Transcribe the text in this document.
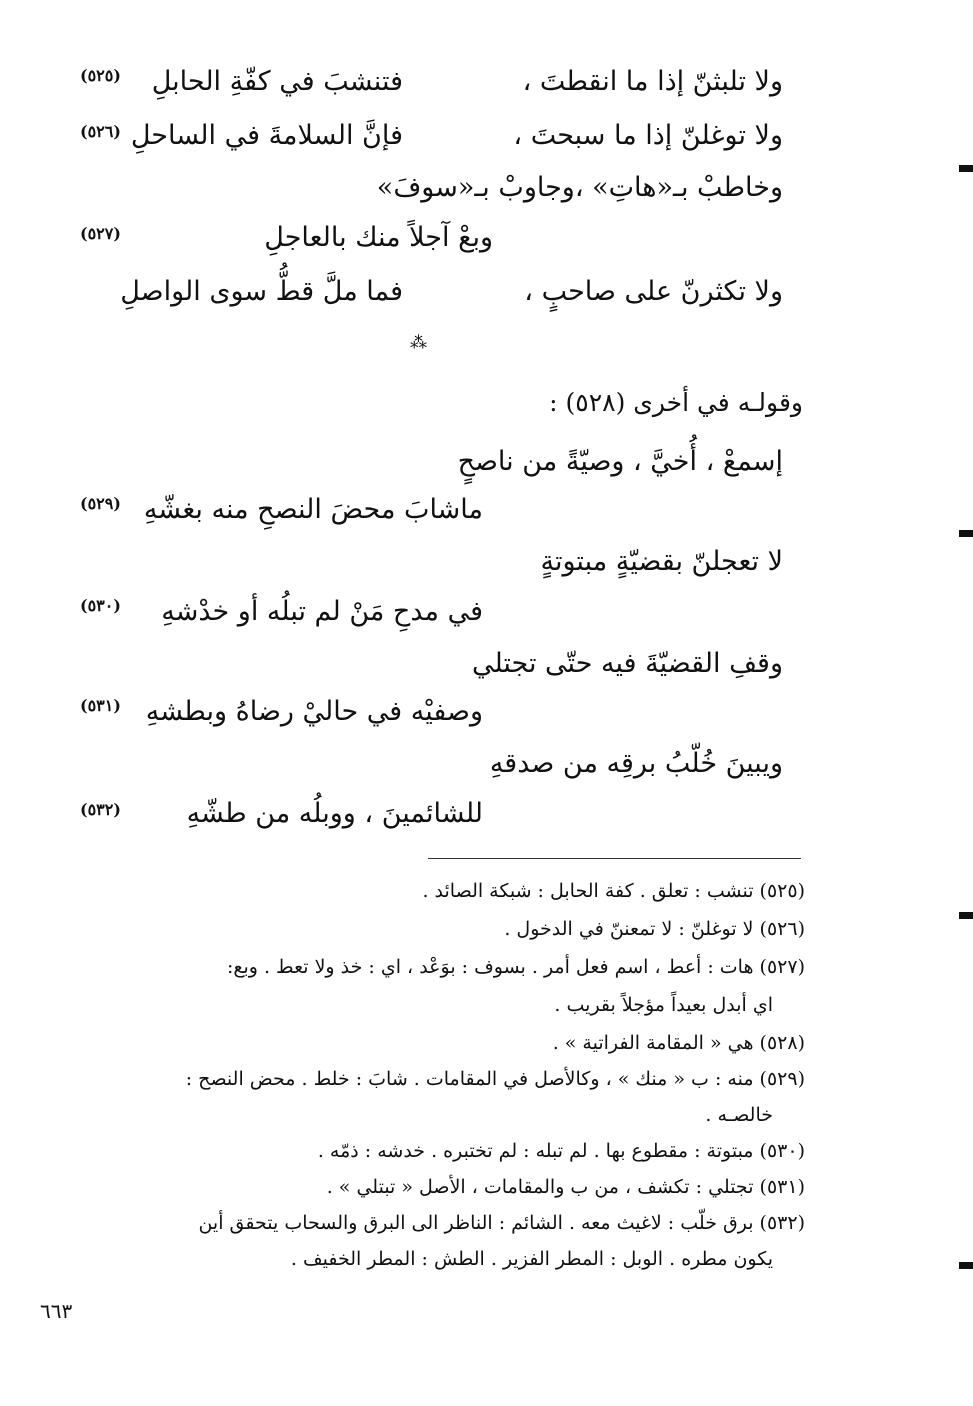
ولا تلبثنّ إذا ما انقطتَ ،
فتنشبَ في كفّةِ الحابلِ
(٥٢٥)
ولا توغلنّ إذا ما سبحتَ ،
فإنَّ السلامةَ في الساحلِ
(٥٢٦)
وخاطبْ بـ«هاتِ» ،وجاوبْ بـ«سوفَ»
وبعْ آجلاً منك بالعاجلِ
(٥٢٧)
ولا تكثرنّ على صاحبٍ ،
فما ملَّ قطُّ سوى الواصلِ
⁂
وقولـه في أخرى (٥٢٨) :
إسمعْ ، أُخيَّ ، وصيّةً من ناصحٍ
ماشابَ محضَ النصحِ منه بغشّهِ
(٥٢٩)
لا تعجلنّ بقضيّةٍ مبتوتةٍ
في مدحِ مَنْ لم تبلُه أو خدْشهِ
(٥٣٠)
وقفِ القضيّةَ فيه حتّى تجتلي
وصفيْه في حاليْ رضاهُ وبطشهِ
(٥٣١)
ويبينَ خُلّبُ برقِه من صدقهِ
للشائمينَ ، ووبلُه من طشّهِ
(٥٣٢)
(٥٢٥) تنشب : تعلق . كفة الحابل : شبكة الصائد .
(٥٢٦) لا توغلنّ : لا تمعننّ في الدخول .
(٥٢٧) هات : أعط ، اسم فعل أمر . بسوف : بوَعْد ، اي : خذ ولا تعط . وبع:
اي أبدل بعيداً مؤجلاً بقريب .
(٥٢٨) هي « المقامة الفراتية » .
(٥٢٩) منه : ب « منك » ، وكالأصل في المقامات . شابَ : خلط . محض النصح :
خالصـه .
(٥٣٠) مبتوتة : مقطوع بها . لم تبله : لم تختبره . خدشه : ذمّه .
(٥٣١) تجتلي : تكشف ، من ب والمقامات ، الأصل « تبتلي » .
(٥٣٢) برق خلّب : لاغيث معه . الشائم : الناظر الى البرق والسحاب يتحقق أين
يكون مطره . الوبل : المطر الفزير . الطش : المطر الخفيف .
٦٦٣
